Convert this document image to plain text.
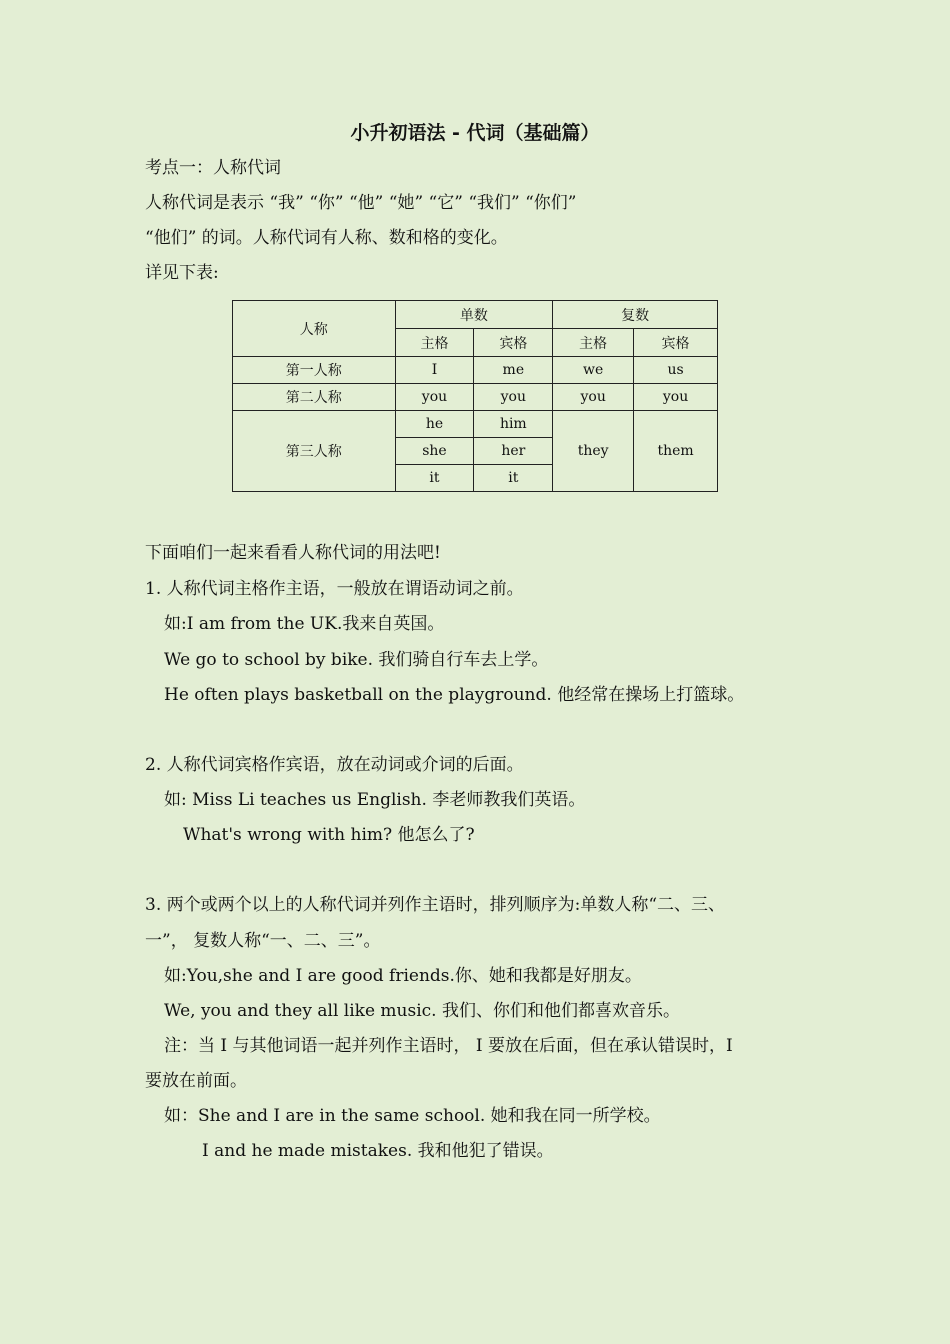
小升初语法 - 代词（基础篇）
考点一：人称代词
人称代词是表示 “我” “你” “他” “她” “它” “我们” “你们”
“他们” 的词。人称代词有人称、数和格的变化。
详见下表:
人称	单数		复数	
	主格	宾格	主格	宾格
第一人称	I	me	we	us
第二人称	you	you	you	you
第三人称	he	him	they	them
	she	her		
	it	it		
下面咱们一起来看看人称代词的用法吧!
1. 人称代词主格作主语，一般放在谓语动词之前。
如:I am from the UK.我来自英国。
We go to school by bike. 我们骑自行车去上学。
He often plays basketball on the playground. 他经常在操场上打篮球。
2. 人称代词宾格作宾语，放在动词或介词的后面。
如: Miss Li teaches us English. 李老师教我们英语。
What's wrong with him? 他怎么了?
3. 两个或两个以上的人称代词并列作主语时，排列顺序为:单数人称“二、三、
一”， 复数人称“一、二、三”。
如:You,she and I are good friends.你、她和我都是好朋友。
We, you and they all like music. 我们、你们和他们都喜欢音乐。
注：当 I 与其他词语一起并列作主语时， I 要放在后面，但在承认错误时，I
要放在前面。
如：She and I are in the same school. 她和我在同一所学校。
I and he made mistakes. 我和他犯了错误。
